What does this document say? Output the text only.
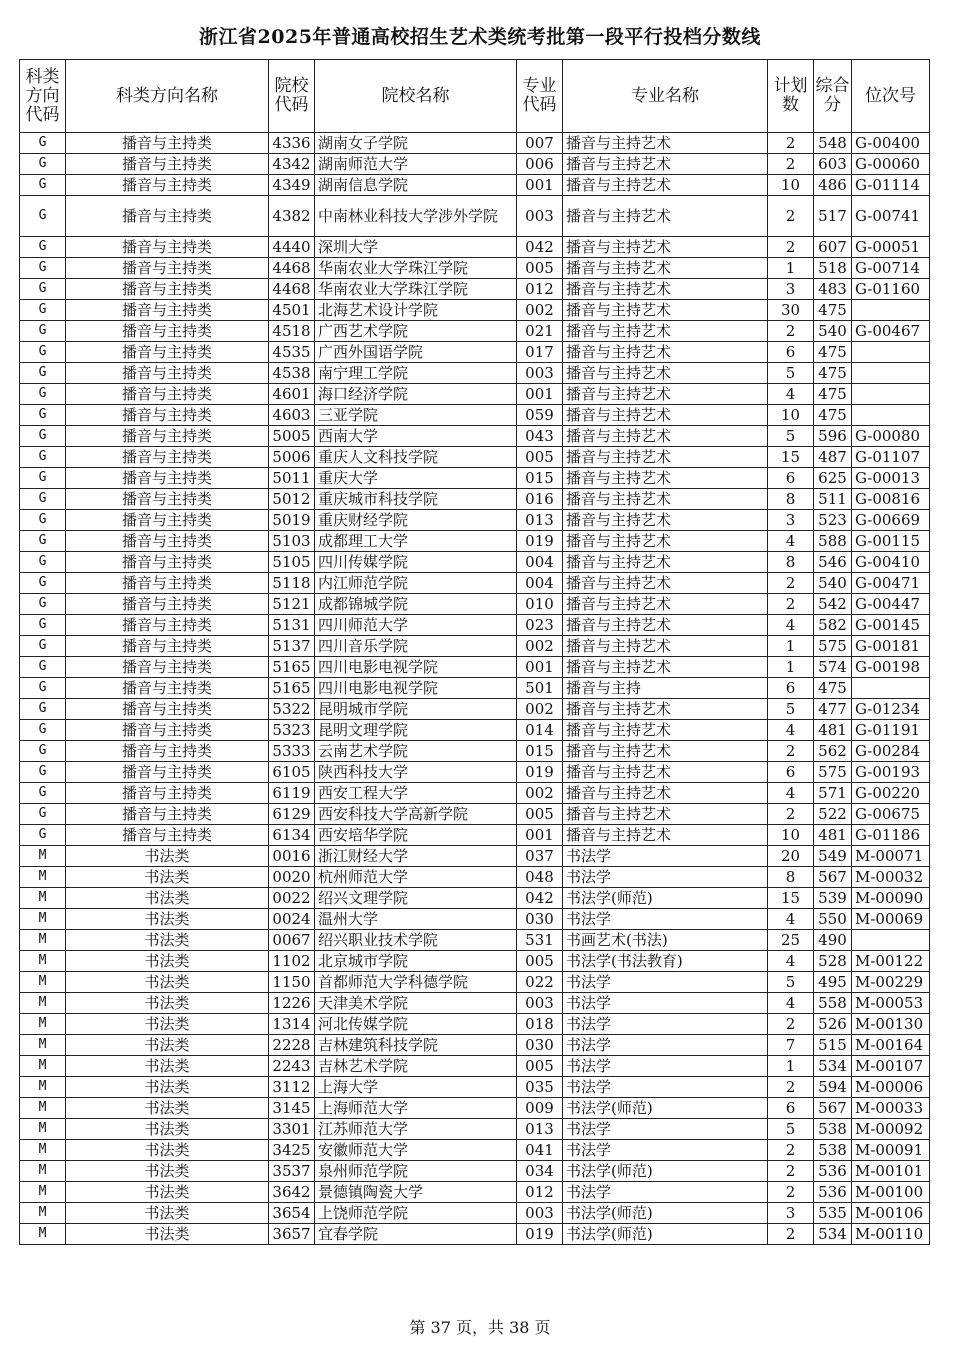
浙江省2025年普通高校招生艺术类统考批第一段平行投档分数线
科类方向代码	科类方向名称	院校代码	院校名称	专业代码	专业名称	计划数	综合分	位次号
G	播音与主持类	4336	湖南女子学院	007	播音与主持艺术	2	548	G-00400
G	播音与主持类	4342	湖南师范大学	006	播音与主持艺术	2	603	G-00060
G	播音与主持类	4349	湖南信息学院	001	播音与主持艺术	10	486	G-01114
G	播音与主持类	4382	中南林业科技大学涉外学院	003	播音与主持艺术	2	517	G-00741
G	播音与主持类	4440	深圳大学	042	播音与主持艺术	2	607	G-00051
G	播音与主持类	4468	华南农业大学珠江学院	005	播音与主持艺术	1	518	G-00714
G	播音与主持类	4468	华南农业大学珠江学院	012	播音与主持艺术	3	483	G-01160
G	播音与主持类	4501	北海艺术设计学院	002	播音与主持艺术	30	475	
G	播音与主持类	4518	广西艺术学院	021	播音与主持艺术	2	540	G-00467
G	播音与主持类	4535	广西外国语学院	017	播音与主持艺术	6	475	
G	播音与主持类	4538	南宁理工学院	003	播音与主持艺术	5	475	
G	播音与主持类	4601	海口经济学院	001	播音与主持艺术	4	475	
G	播音与主持类	4603	三亚学院	059	播音与主持艺术	10	475	
G	播音与主持类	5005	西南大学	043	播音与主持艺术	5	596	G-00080
G	播音与主持类	5006	重庆人文科技学院	005	播音与主持艺术	15	487	G-01107
G	播音与主持类	5011	重庆大学	015	播音与主持艺术	6	625	G-00013
G	播音与主持类	5012	重庆城市科技学院	016	播音与主持艺术	8	511	G-00816
G	播音与主持类	5019	重庆财经学院	013	播音与主持艺术	3	523	G-00669
G	播音与主持类	5103	成都理工大学	019	播音与主持艺术	4	588	G-00115
G	播音与主持类	5105	四川传媒学院	004	播音与主持艺术	8	546	G-00410
G	播音与主持类	5118	内江师范学院	004	播音与主持艺术	2	540	G-00471
G	播音与主持类	5121	成都锦城学院	010	播音与主持艺术	2	542	G-00447
G	播音与主持类	5131	四川师范大学	023	播音与主持艺术	4	582	G-00145
G	播音与主持类	5137	四川音乐学院	002	播音与主持艺术	1	575	G-00181
G	播音与主持类	5165	四川电影电视学院	001	播音与主持艺术	1	574	G-00198
G	播音与主持类	5165	四川电影电视学院	501	播音与主持	6	475	
G	播音与主持类	5322	昆明城市学院	002	播音与主持艺术	5	477	G-01234
G	播音与主持类	5323	昆明文理学院	014	播音与主持艺术	4	481	G-01191
G	播音与主持类	5333	云南艺术学院	015	播音与主持艺术	2	562	G-00284
G	播音与主持类	6105	陕西科技大学	019	播音与主持艺术	6	575	G-00193
G	播音与主持类	6119	西安工程大学	002	播音与主持艺术	4	571	G-00220
G	播音与主持类	6129	西安科技大学高新学院	005	播音与主持艺术	2	522	G-00675
G	播音与主持类	6134	西安培华学院	001	播音与主持艺术	10	481	G-01186
M	书法类	0016	浙江财经大学	037	书法学	20	549	M-00071
M	书法类	0020	杭州师范大学	048	书法学	8	567	M-00032
M	书法类	0022	绍兴文理学院	042	书法学(师范)	15	539	M-00090
M	书法类	0024	温州大学	030	书法学	4	550	M-00069
M	书法类	0067	绍兴职业技术学院	531	书画艺术(书法)	25	490	
M	书法类	1102	北京城市学院	005	书法学(书法教育)	4	528	M-00122
M	书法类	1150	首都师范大学科德学院	022	书法学	5	495	M-00229
M	书法类	1226	天津美术学院	003	书法学	4	558	M-00053
M	书法类	1314	河北传媒学院	018	书法学	2	526	M-00130
M	书法类	2228	吉林建筑科技学院	030	书法学	7	515	M-00164
M	书法类	2243	吉林艺术学院	005	书法学	1	534	M-00107
M	书法类	3112	上海大学	035	书法学	2	594	M-00006
M	书法类	3145	上海师范大学	009	书法学(师范)	6	567	M-00033
M	书法类	3301	江苏师范大学	013	书法学	5	538	M-00092
M	书法类	3425	安徽师范大学	041	书法学	2	538	M-00091
M	书法类	3537	泉州师范学院	034	书法学(师范)	2	536	M-00101
M	书法类	3642	景德镇陶瓷大学	012	书法学	2	536	M-00100
M	书法类	3654	上饶师范学院	003	书法学(师范)	3	535	M-00106
M	书法类	3657	宜春学院	019	书法学(师范)	2	534	M-00110
第 37 页，共 38 页
